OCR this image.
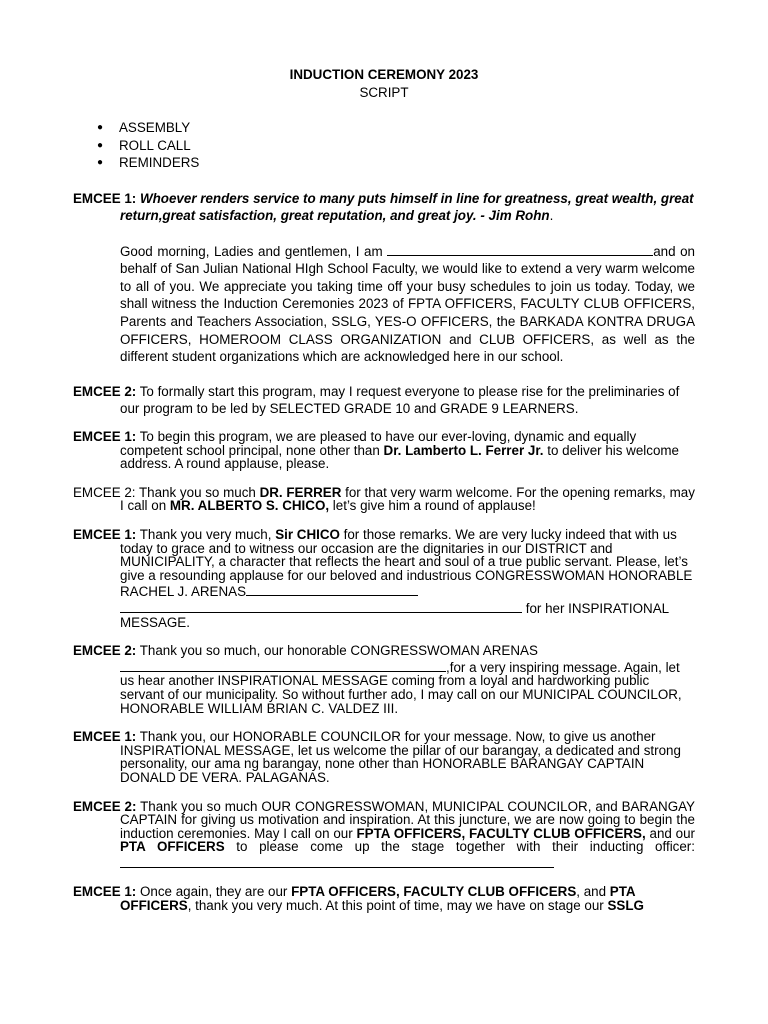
INDUCTION CEREMONY 2023

SCRIPT

● ASSEMBLY
● ROLL CALL
● REMINDERS

EMCEE 1: Whoever renders service to many puts himself in line for greatness, great wealth, great return,great satisfaction, great reputation, and great joy. - Jim Rohn.

Good morning, Ladies and gentlemen, I am	and on behalf of San Julian National HIgh School Faculty, we would like to extend a very warm welcome to all of you. We appreciate you taking time off your busy schedules to join us today. Today, we shall witness the Induction Ceremonies 2023 of FPTA OFFICERS, FACULTY CLUB OFFICERS, Parents and Teachers Association, SSLG, YES-O OFFICERS, the BARKADA KONTRA DRUGA OFFICERS, HOMEROOM CLASS ORGANIZATION and CLUB OFFICERS, as well as the different student organizations which are acknowledged here in our school.

EMCEE 2: To formally start this program, may I request everyone to please rise for the preliminaries of our program to be led by SELECTED GRADE 10 and GRADE 9 LEARNERS.

EMCEE 1: To begin this program, we are pleased to have our ever-loving, dynamic and equally competent school principal, none other than Dr. Lamberto L. Ferrer Jr. to deliver his welcome address. A round applause, please.

EMCEE 2: Thank you so much DR. FERRER for that very warm welcome. For the opening remarks, may I call on MR. ALBERTO S. CHICO, let’s give him a round of applause!

EMCEE 1: Thank you very much, Sir CHICO for those remarks. We are very lucky indeed that with us today to grace and to witness our occasion are the dignitaries in our DISTRICT and MUNICIPALITY, a character that reflects the heart and soul of a true public servant. Please, let’s give a resounding applause for our beloved and industrious CONGRESSWOMAN HONORABLE RACHEL J. ARENAS  for her INSPIRATIONAL MESSAGE.

EMCEE 2: Thank you so much, our honorable CONGRESSWOMAN ARENAS ,for a very inspiring message. Again, let us hear another INSPIRATIONAL MESSAGE coming from a loyal and hardworking public servant of our municipality. So without further ado, I may call on our MUNICIPAL COUNCILOR, HONORABLE WILLIAM BRIAN C. VALDEZ III.

EMCEE 1: Thank you, our HONORABLE COUNCILOR for your message. Now, to give us another INSPIRATIONAL MESSAGE, let us welcome the pillar of our barangay, a dedicated and strong personality, our ama ng barangay, none other than HONORABLE BARANGAY CAPTAIN DONALD DE VERA. PALAGANAS.

EMCEE 2: Thank you so much OUR CONGRESSWOMAN, MUNICIPAL COUNCILOR, and BARANGAY CAPTAIN for giving us motivation and inspiration. At this juncture, we are now going to begin the induction ceremonies. May I call on our FPTA OFFICERS, FACULTY CLUB OFFICERS, and our PTA OFFICERS to please come up the stage together with their inducting officer:

EMCEE 1: Once again, they are our FPTA OFFICERS, FACULTY CLUB OFFICERS, and PTA OFFICERS, thank you very much. At this point of time, may we have on stage our SSLG
